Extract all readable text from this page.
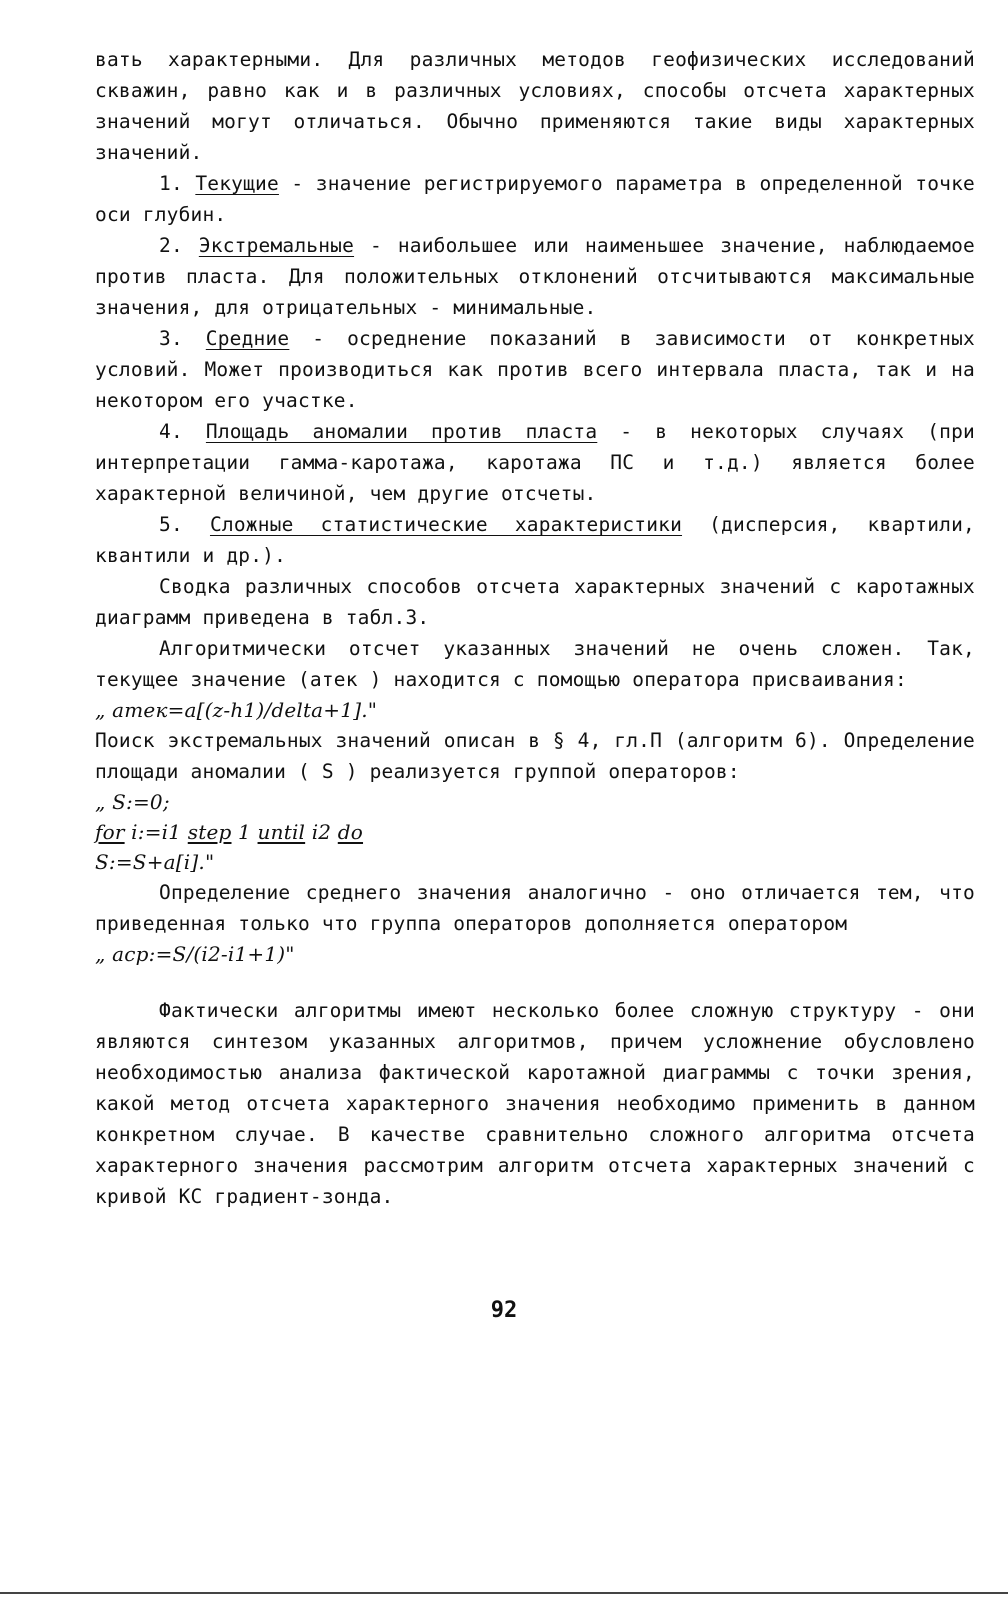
вать характерными. Для различных методов геофизических исследований скважин, равно как и в различных условиях, способы отсчета характерных значений могут отличаться. Обычно применяются такие виды характерных значений.

1. Текущие - значение регистрируемого параметра в определенной точке оси глубин.

2. Экстремальные - наибольшее или наименьшее значение, наблюдаемое против пласта. Для положительных отклонений отсчитываются максимальные значения, для отрицательных - минимальные.

3. Средние - осреднение показаний в зависимости от конкретных условий. Может производиться как против всего интервала пласта, так и на некотором его участке.

4. Площадь аномалии против пласта - в некоторых случаях (при интерпретации гамма-каротажа, каротажа ПС и т.д.) является более характерной величиной, чем другие отсчеты.

5. Сложные статистические характеристики (дисперсия, квартили, квантили и др.).

Сводка различных способов отсчета характерных значений с каротажных диаграмм приведена в табл.3.

Алгоритмически отсчет указанных значений не очень сложен. Так, текущее значение (aтек ) находится с помощью оператора присваивания:

„ aтек=a[(z-h1)/delta+1]."

Поиск экстремальных значений описан в § 4, гл.П (алгоритм 6). Определение площади аномалии ( S ) реализуется группой операторов:

„ S:=0;

for i:=i1 step 1 until i2 do

S:=S+a[i]."

Определение среднего значения аналогично - оно отличается тем, что приведенная только что группа операторов дополняется оператором

„ acp:=S/(i2-i1+1)"

Фактически алгоритмы имеют несколько более сложную структуру - они являются синтезом указанных алгоритмов, причем усложнение обусловлено необходимостью анализа фактической каротажной диаграммы с точки зрения, какой метод отсчета характерного значения необходимо применить в данном конкретном случае. В качестве сравнительно сложного алгоритма отсчета характерного значения рассмотрим алгоритм отсчета характерных значений с кривой КС градиент-зонда.

92
